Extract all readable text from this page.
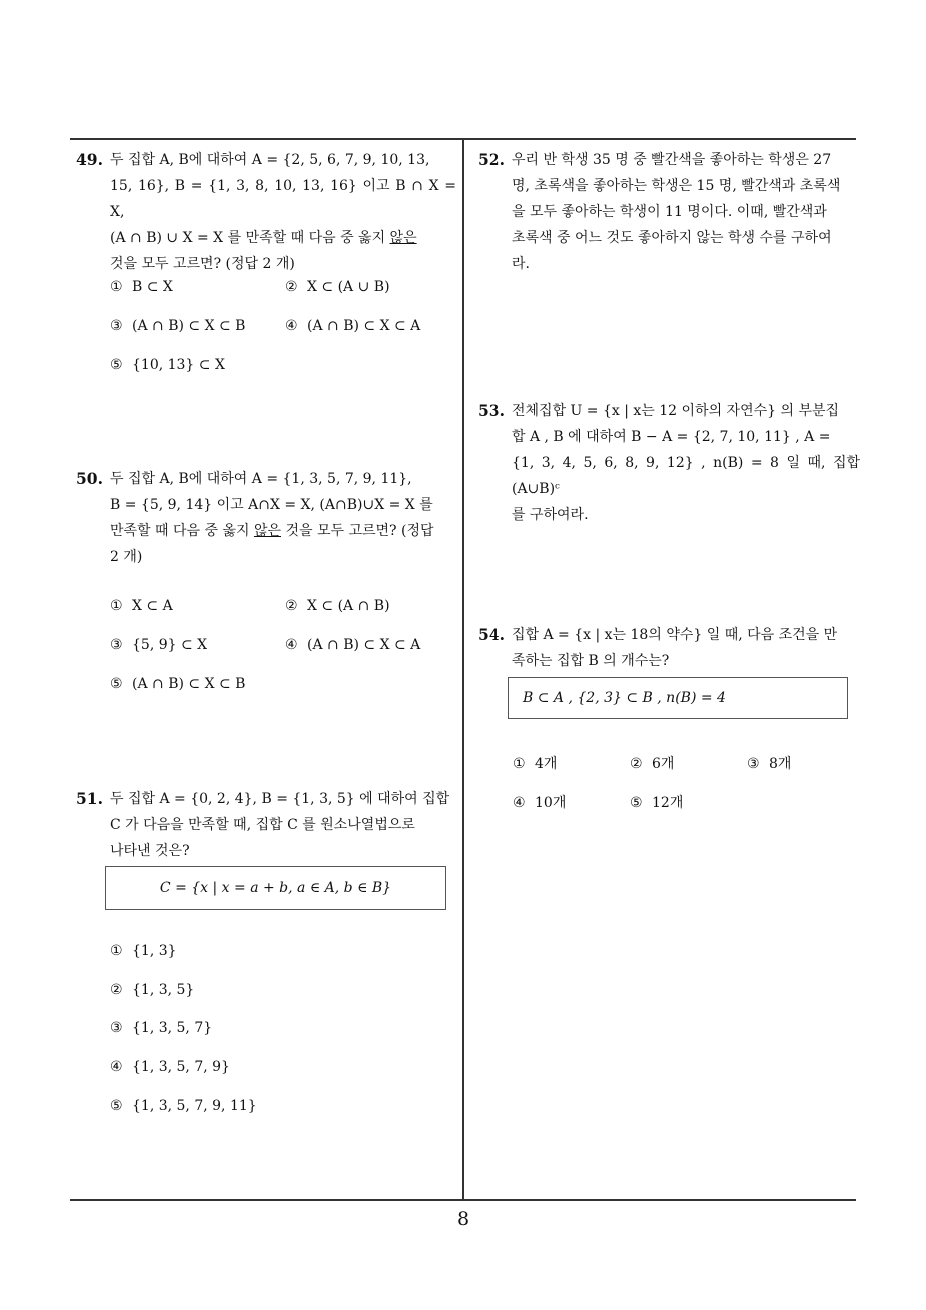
49. 두 집합 A, B에 대하여 A = {2, 5, 6, 7, 9, 10, 13,
15, 16}, B = {1, 3, 8, 10, 13, 16} 이고 B ∩ X = X,
(A ∩ B) ∪ X = X 를 만족할 때 다음 중 옳지 않은
것을 모두 고르면? (정답 2 개)
① B ⊂ X	② X ⊂ (A ∪ B)
③ (A ∩ B) ⊂ X ⊂ B	④ (A ∩ B) ⊂ X ⊂ A
⑤ {10, 13} ⊂ X
50. 두 집합 A, B에 대하여 A = {1, 3, 5, 7, 9, 11},
B = {5, 9, 14} 이고 A∩X = X, (A∩B)∪X = X 를
만족할 때 다음 중 옳지 않은 것을 모두 고르면? (정답
2 개)
① X ⊂ A	② X ⊂ (A ∩ B)
③ {5, 9} ⊂ X	④ (A ∩ B) ⊂ X ⊂ A
⑤ (A ∩ B) ⊂ X ⊂ B
51. 두 집합 A = {0, 2, 4}, B = {1, 3, 5} 에 대하여 집합
C 가 다음을 만족할 때, 집합 C 를 원소나열법으로
나타낸 것은?
C = {x | x = a + b, a ∈ A, b ∈ B}
① {1, 3}
② {1, 3, 5}
③ {1, 3, 5, 7}
④ {1, 3, 5, 7, 9}
⑤ {1, 3, 5, 7, 9, 11}
52. 우리 반 학생 35 명 중 빨간색을 좋아하는 학생은 27
명, 초록색을 좋아하는 학생은 15 명, 빨간색과 초록색
을 모두 좋아하는 학생이 11 명이다. 이때, 빨간색과
초록색 중 어느 것도 좋아하지 않는 학생 수를 구하여
라.
53. 전체집합 U = {x | x는 12 이하의 자연수} 의 부분집
합 A , B 에 대하여 B − A = {2, 7, 10, 11} , A =
{1, 3, 4, 5, 6, 8, 9, 12} , n(B) = 8 일 때, 집합 (A∪B)ᶜ
를 구하여라.
54. 집합 A = {x | x는 18의 약수} 일 때, 다음 조건을 만
족하는 집합 B 의 개수는?
B ⊂ A , {2, 3} ⊂ B , n(B) = 4
① 4개	② 6개	③ 8개
④ 10개	⑤ 12개
8
